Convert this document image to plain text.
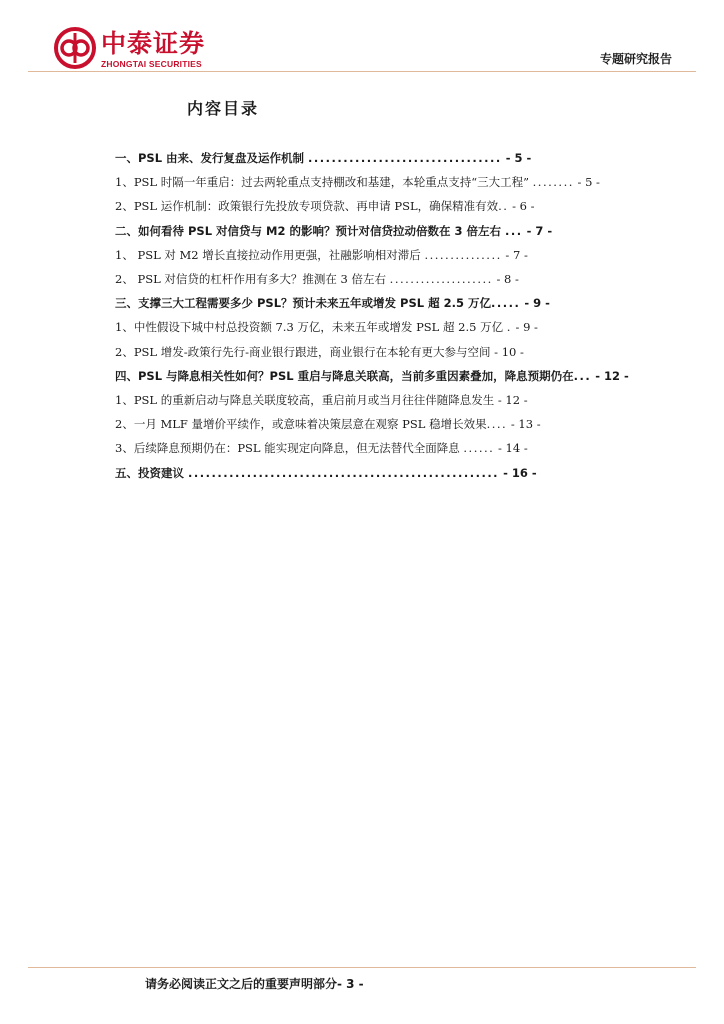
中泰证券
ZHONGTAI SECURITIES	专题研究报告
内容目录
一、PSL 由来、发行复盘及运作机制 ................................. - 5 -
1、PSL 时隔一年重启：过去两轮重点支持棚改和基建，本轮重点支持“三大工程” ........ - 5 -
2、PSL 运作机制：政策银行先投放专项贷款、再申请 PSL，确保精准有效.. - 6 -
二、如何看待 PSL 对信贷与 M2 的影响？预计对信贷拉动倍数在 3 倍左右 ... - 7 -
1、 PSL 对 M2 增长直接拉动作用更强，社融影响相对滞后 ............... - 7 -
2、 PSL 对信贷的杠杆作用有多大？推测在 3 倍左右 .................... - 8 -
三、支撑三大工程需要多少 PSL？预计未来五年或增发 PSL 超 2.5 万亿..... - 9 -
1、中性假设下城中村总投资额 7.3 万亿，未来五年或增发 PSL 超 2.5 万亿 . - 9 -
2、PSL 增发-政策行先行-商业银行跟进，商业银行在本轮有更大参与空间 - 10 -
四、PSL 与降息相关性如何？PSL 重启与降息关联高，当前多重因素叠加，降息预期仍在... - 12 -
1、PSL 的重新启动与降息关联度较高，重启前月或当月往往伴随降息发生 - 12 -
2、一月 MLF 量增价平续作，或意味着决策层意在观察 PSL 稳增长效果.... - 13 -
3、后续降息预期仍在：PSL 能实现定向降息，但无法替代全面降息 ...... - 14 -
五、投资建议 ..................................................... - 16 -
请务必阅读正文之后的重要声明部分- 3 -
